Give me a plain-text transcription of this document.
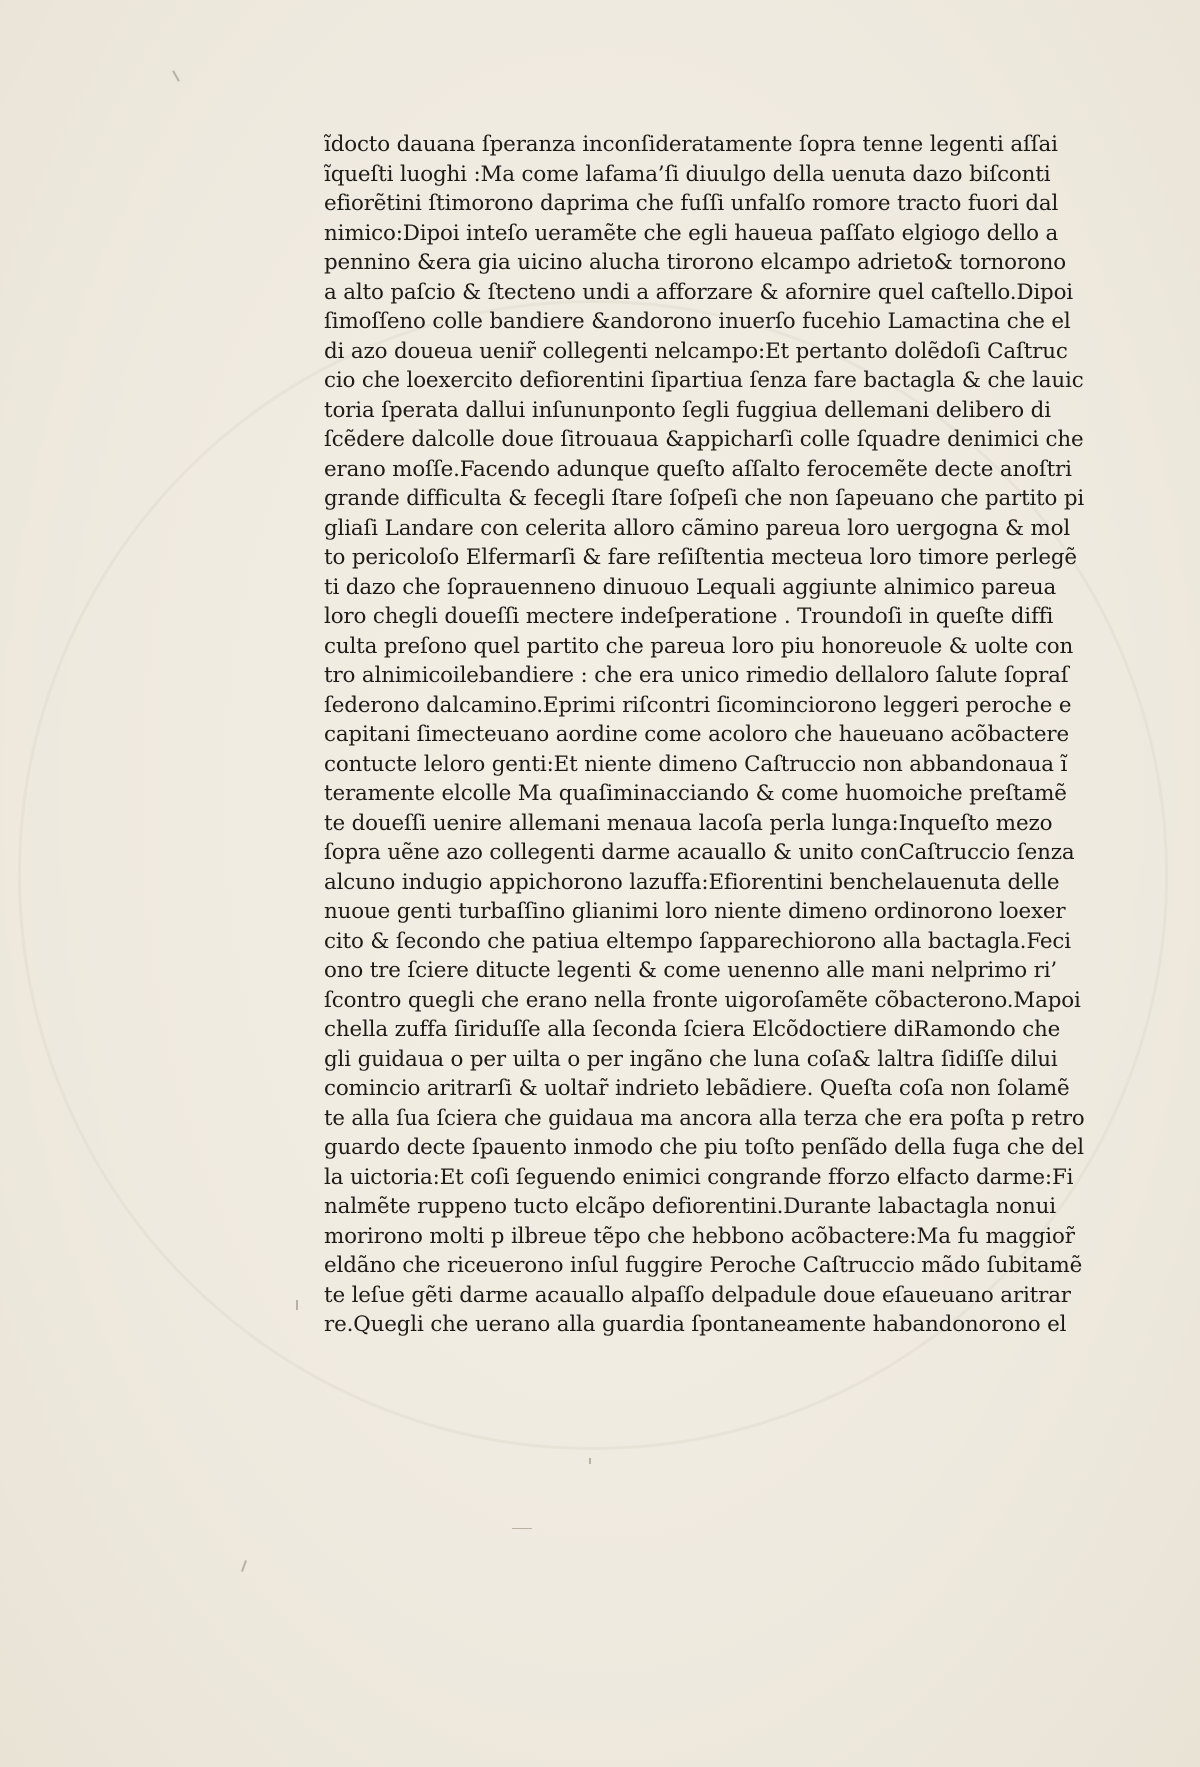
ĩdocto dauana ſperanza inconſideratamente ſopra tenne legenti aſſai
ĩqueſti luoghi :Ma come lafama’ſi diuulgo della uenuta dazo biſconti
efiorẽtini ſtimorono daprima che fuſſi unfalſo romore tracto fuori dal
nimico:Dipoi inteſo ueramẽte che egli haueua paſſato elgiogo dello a
pennino &era gia uicino alucha tirorono elcampo adrieto& tornorono
a alto paſcio & ſtecteno undi a afforzare & afornire quel caſtello.Dipoi
ſimoſſeno colle bandiere &andorono inuerſo fucehio Lamactina che el
di azo doueua uenir̃ collegenti nelcampo:Et pertanto dolẽdoſi Caſtruc
cio che loexercito defiorentini ſipartiua ſenza fare bactagla & che lauic
toria ſperata dallui inſununponto ſegli fuggiua dellemani delibero di
ſcẽdere dalcolle doue ſitrouaua &appicharſi colle ſquadre denimici che
erano moſſe.Facendo adunque queſto aſſalto ferocemẽte decte anoſtri
grande difficulta & fecegli ſtare ſoſpeſi che non ſapeuano che partito pi
gliaſi Landare con celerita alloro cãmino pareua loro uergogna & mol
to pericoloſo Elfermarſi & fare reſiſtentia mecteua loro timore perlegẽ
ti dazo che ſoprauenneno dinuouo Lequali aggiunte alnimico pareua
loro chegli doueſſi mectere indeſperatione . Troundoſi in queſte diffi
culta preſono quel partito che pareua loro piu honoreuole & uolte con
tro alnimicoilebandiere : che era unico rimedio dellaloro ſalute ſopraſ
ſederono dalcamino.Eprimi riſcontri ſicominciorono leggeri peroche e
capitani ſimecteuano aordine come acoloro che haueuano acõbactere
contucte leloro genti:Et niente dimeno Caſtruccio non abbandonaua ĩ
teramente elcolle Ma quaſiminacciando & come huomoiche preſtamẽ
te doueſſi uenire allemani menaua lacoſa perla lunga:Inqueſto mezo
ſopra uẽne azo collegenti darme acauallo & unito conCaſtruccio ſenza
alcuno indugio appichorono lazuffa:Efiorentini benchelauenuta delle
nuoue genti turbaſſino glianimi loro niente dimeno ordinorono loexer
cito & ſecondo che patiua eltempo ſapparechiorono alla bactagla.Feci
ono tre ſciere ditucte legenti & come uenenno alle mani nelprimo ri’
ſcontro quegli che erano nella fronte uigoroſamẽte cõbacterono.Mapoi
chella zuffa ſiriduſſe alla ſeconda ſciera Elcõdoctiere diRamondo che
gli guidaua o per uilta o per ingãno che luna coſa& laltra ſidiſſe dilui
comincio aritrarſi & uoltar̃ indrieto lebãdiere. Queſta coſa non ſolamẽ
te alla ſua ſciera che guidaua ma ancora alla terza che era poſta p retro
guardo decte ſpauento inmodo che piu toſto penſãdo della fuga che del
la uictoria:Et coſi ſeguendo enimici congrande fforzo elfacto darme:Fi
nalmẽte ruppeno tucto elcãpo defiorentini.Durante labactagla nonui
morirono molti p ilbreue tẽpo che hebbono acõbactere:Ma fu maggior̃
eldãno che riceuerono inſul fuggire Peroche Caſtruccio mãdo ſubitamẽ
te leſue gẽti darme acauallo alpaſſo delpadule doue eſaueuano aritrar
re.Quegli che uerano alla guardia ſpontaneamente habandonorono el
